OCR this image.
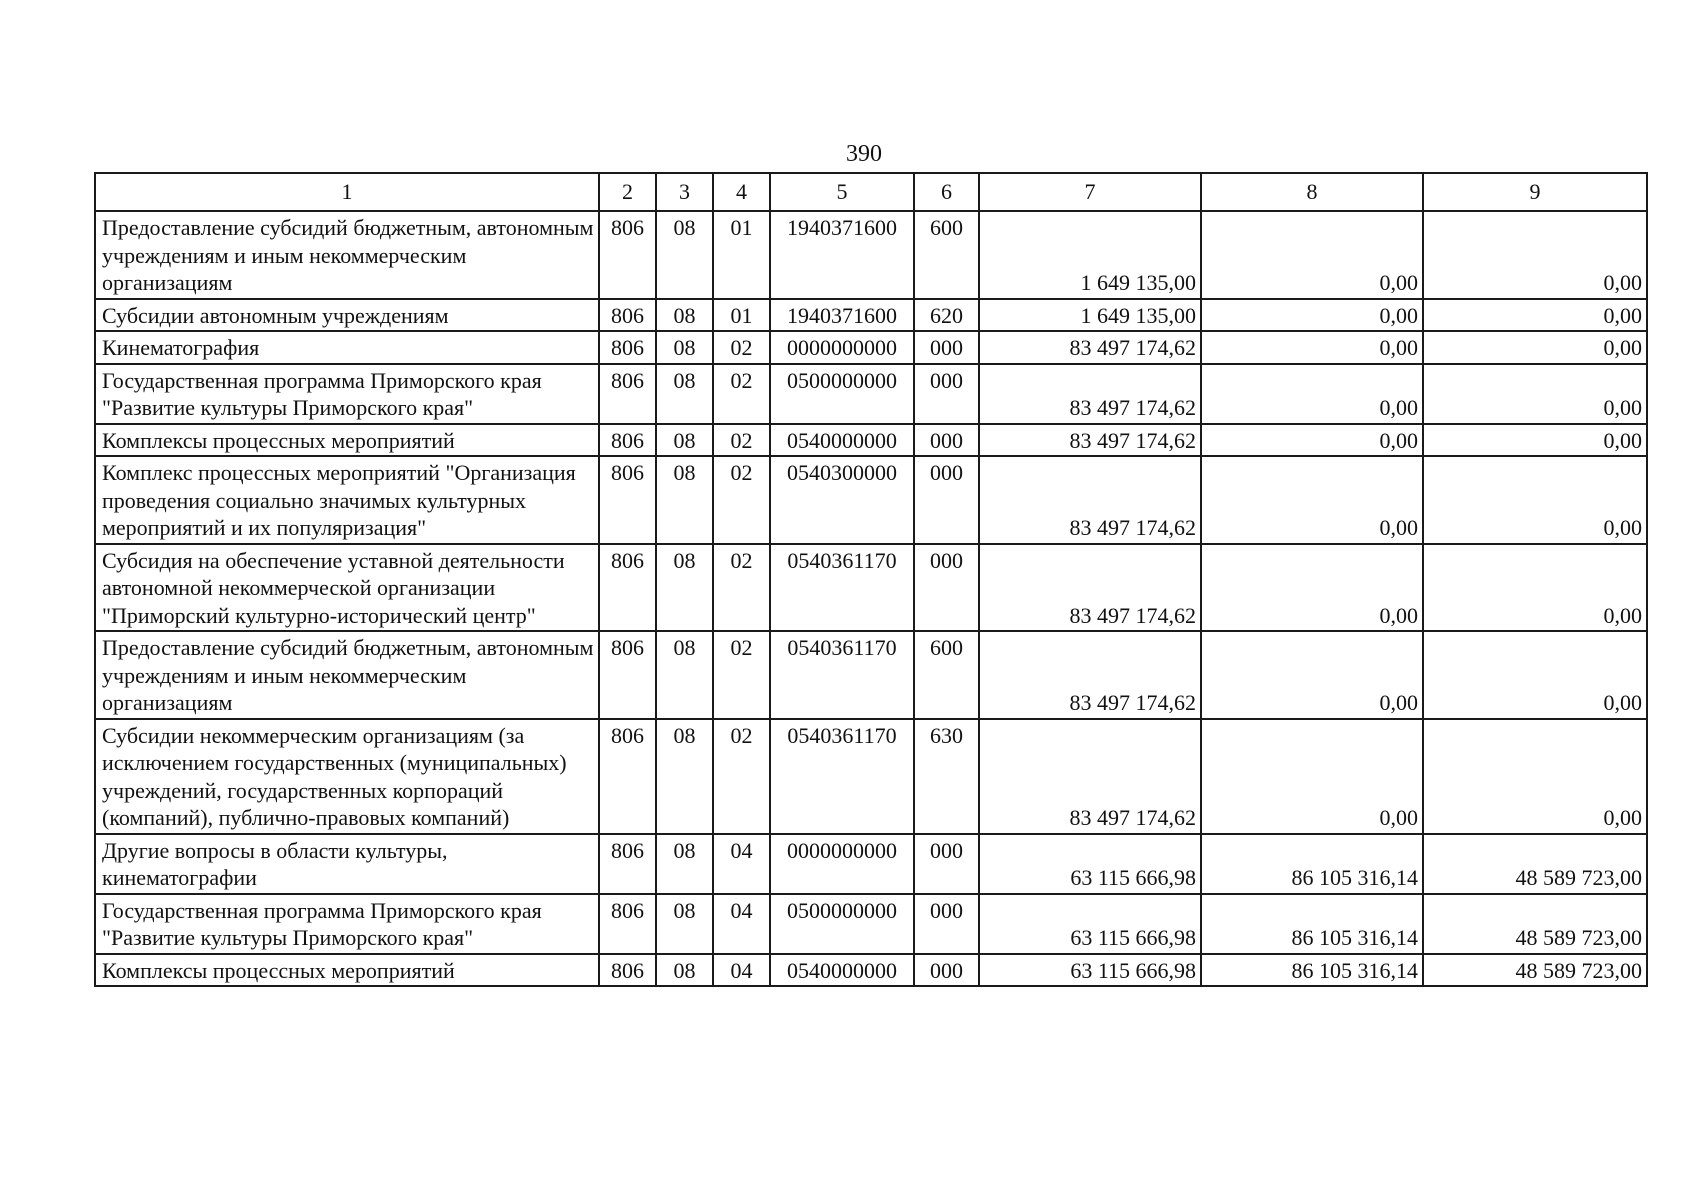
390
1	2	3	4	5	6	7	8	9
Предоставление субсидий бюджетным, автономным учреждениям и иным некоммерческим организациям	806	08	01	1940371600	600	1 649 135,00	0,00	0,00
Субсидии автономным учреждениям	806	08	01	1940371600	620	1 649 135,00	0,00	0,00
Кинематография	806	08	02	0000000000	000	83 497 174,62	0,00	0,00
Государственная программа Приморского края "Развитие культуры Приморского края"	806	08	02	0500000000	000	83 497 174,62	0,00	0,00
Комплексы процессных мероприятий	806	08	02	0540000000	000	83 497 174,62	0,00	0,00
Комплекс процессных мероприятий "Организация проведения социально значимых культурных мероприятий и их популяризация"	806	08	02	0540300000	000	83 497 174,62	0,00	0,00
Субсидия на обеспечение уставной деятельности автономной некоммерческой организации "Приморский культурно-исторический центр"	806	08	02	0540361170	000	83 497 174,62	0,00	0,00
Предоставление субсидий бюджетным, автономным учреждениям и иным некоммерческим организациям	806	08	02	0540361170	600	83 497 174,62	0,00	0,00
Субсидии некоммерческим организациям (за исключением государственных (муниципальных) учреждений, государственных корпораций (компаний), публично-правовых компаний)	806	08	02	0540361170	630	83 497 174,62	0,00	0,00
Другие вопросы в области культуры, кинематографии	806	08	04	0000000000	000	63 115 666,98	86 105 316,14	48 589 723,00
Государственная программа Приморского края "Развитие культуры Приморского края"	806	08	04	0500000000	000	63 115 666,98	86 105 316,14	48 589 723,00
Комплексы процессных мероприятий	806	08	04	0540000000	000	63 115 666,98	86 105 316,14	48 589 723,00
